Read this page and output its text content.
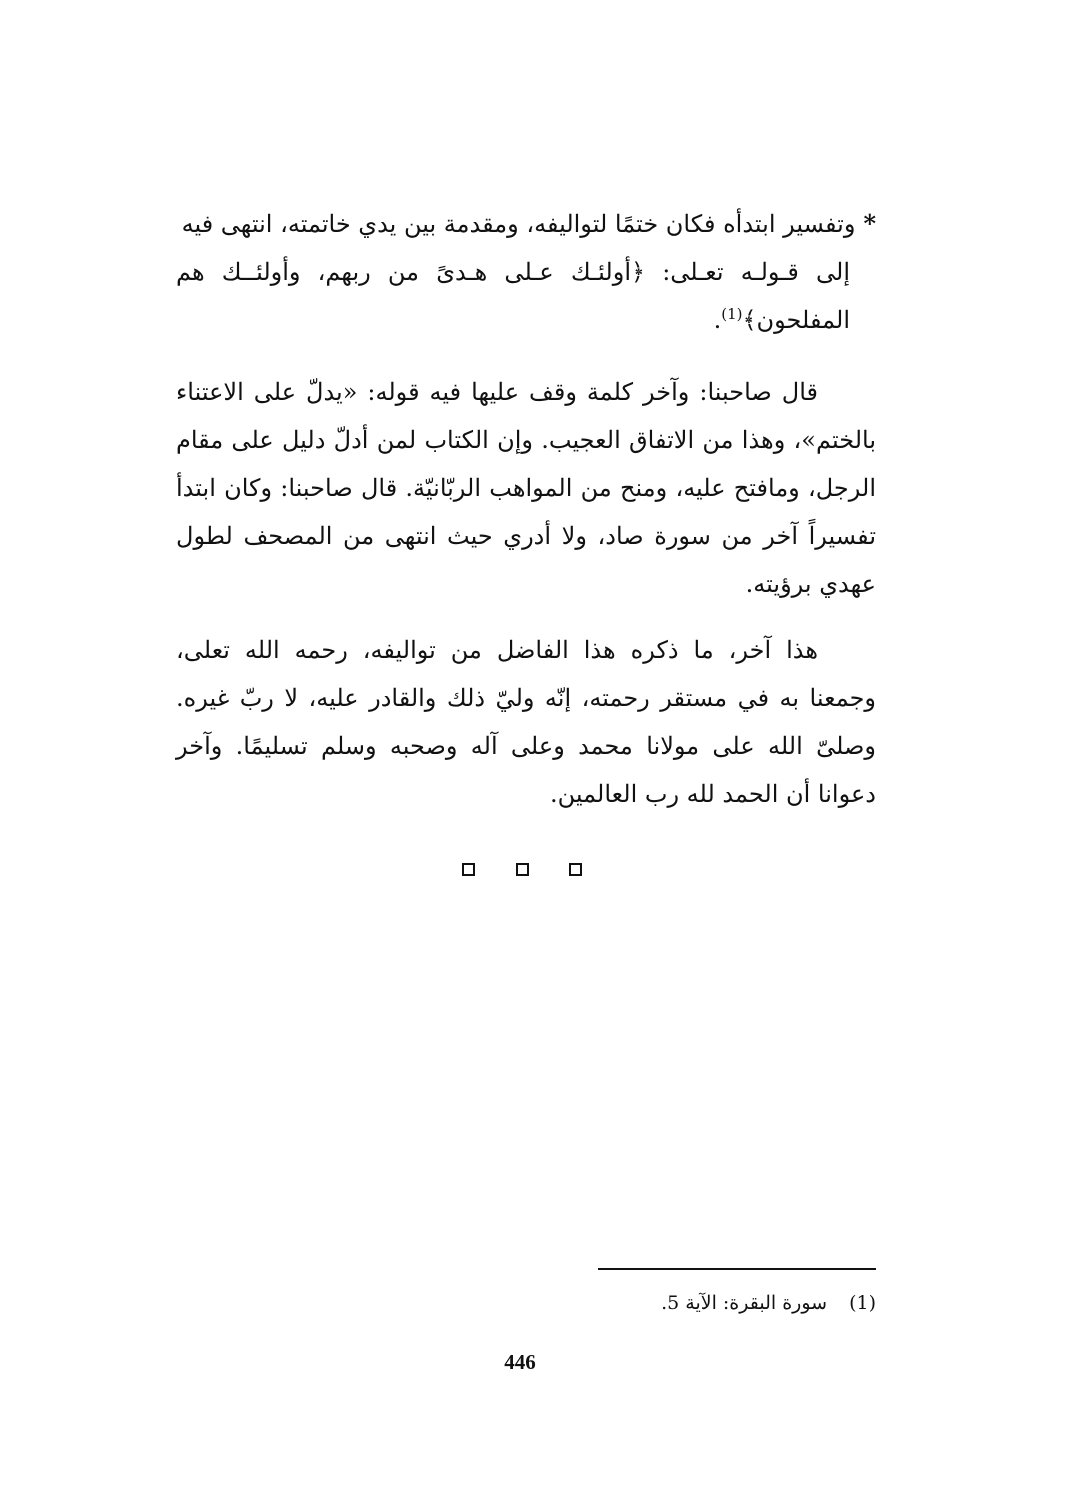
*وتفسير ابتدأه فكان ختمًا لتواليفه، ومقدمة بين يدي خاتمته، انتهى فيه
إلى قـولـه تعـلى: ﴿أولئـك عـلى هـدىً من ربهم، وأولئــك هم المفلحون﴾$^{(1)}$.

قال صاحبنا: وآخر كلمة وقف عليها فيه قوله: «يدلّ على الاعتناء بالختم»، وهذا من الاتفاق العجيب. وإن الكتاب لمن أدلّ دليل على مقام الرجل، ومافتح عليه، ومنح من المواهب الربّانيّة. قال صاحبنا: وكان ابتدأ تفسيراً آخر من سورة صاد، ولا أدري حيث انتهى من المصحف لطول عهدي برؤيته.

هذا آخر، ما ذكره هذا الفاضل من تواليفه، رحمه الله تعلى، وجمعنا به في مستقر رحمته، إنّه وليّ ذلك والقادر عليه، لا ربّ غيره. وصلىّ الله على مولانا محمد وعلى آله وصحبه وسلم تسليمًا. وآخر دعوانا أن الحمد لله رب العالمين.

(1)سورة البقرة: الآية 5.
446
